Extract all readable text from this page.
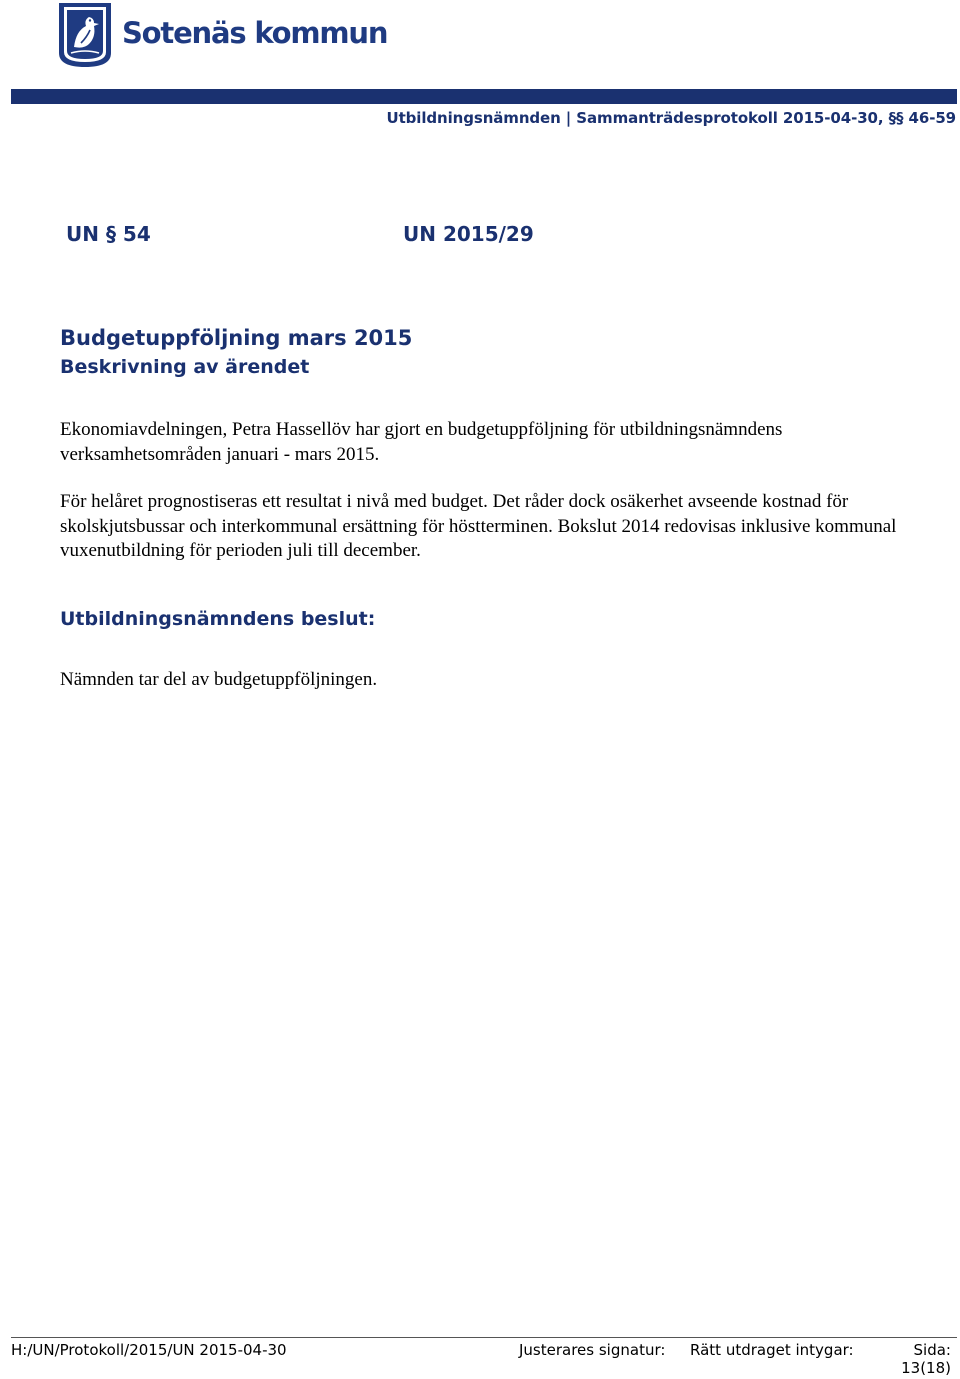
Sotenäs kommun
Utbildningsnämnden | Sammanträdesprotokoll 2015-04-30, §§ 46-59
UN § 54	UN 2015/29
Budgetuppföljning mars 2015
Beskrivning av ärendet

Ekonomiavdelningen, Petra Hassellöv har gjort en budgetuppföljning för utbildningsnämndens verksamhetsområden januari - mars 2015.

För helåret prognostiseras ett resultat i nivå med budget. Det råder dock osäkerhet avseende kostnad för skolskjutsbussar och interkommunal ersättning för höstterminen. Bokslut 2014 redovisas inklusive kommunal vuxenutbildning för perioden juli till december.

Utbildningsnämndens beslut:

Nämnden tar del av budgetuppföljningen.

H:/UN/Protokoll/2015/UN 2015-04-30	Justerares signatur: Rätt utdraget intygar:	Sida:
13(18)
